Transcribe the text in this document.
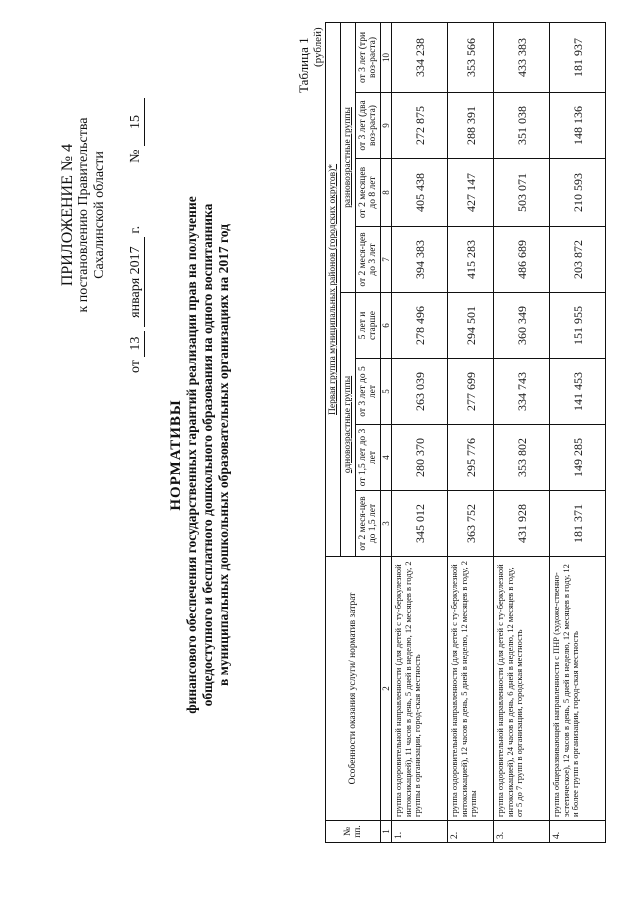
ПРИЛОЖЕНИЕ № 4 к постановлению Правительства Сахалинской области
от 13 января 2017 г.  № 15
НОРМАТИВЫ финансового обеспечения государственных гарантий реализации прав на получение общедоступного и бесплатного дошкольного образования на одного воспитанника в муниципальных дошкольных образовательных организациях на 2017 год
Таблица 1 (рублей)
№ пп.	Особенности оказания услуги/ норматив затрат	Первая группа муниципальных районов (городских округов)*							
		одновозрастные группы				разновозрастные группы			
		от 2 меся-цев до 1,5 лет	от 1,5 лет до 3 лет	от 3 лет до 5 лет	5 лет и старше	от 2 меся-цев до 3 лет	от 2 месяцев до 8 лет	от 3 лет (два воз-раста)	от 3 лет (три воз-раста)
1	2	3	4	5	6	7	8	9	10
1.	группа оздоровительной направленности (для детей с ту-беркулезной интоксикацией), 11 часов в день, 5 дней в неделю, 12 месяцев в году, 2 группы в организации, город-ская местность	345 012	280 370	263 039	278 496	394 383	405 438	272 875	334 238
2.	группа оздоровительной направленности (для детей с ту-беркулезной интоксикацией), 12 часов в день, 5 дней в неделю, 12 месяцев в году, 2 группы	363 752	295 776	277 699	294 501	415 283	427 147	288 391	353 566
3.	группа оздоровительной направленности (для детей с ту-беркулезной интоксикацией), 24 часов в день, 6 дней в неделю, 12 месяцев в году, от 5 до 7 групп в организации, городская местность	431 928	353 802	334 743	360 349	486 689	503 071	351 038	433 383
4.	группа общеразвивающей направленности с ПНР (художе-ственно-эстетическое), 12 часов в день, 5 дней в неделю, 12 месяцев в году, 12 и более групп в организации, город-ская местность	181 371	149 285	141 453	151 955	203 872	210 593	148 136	181 937
